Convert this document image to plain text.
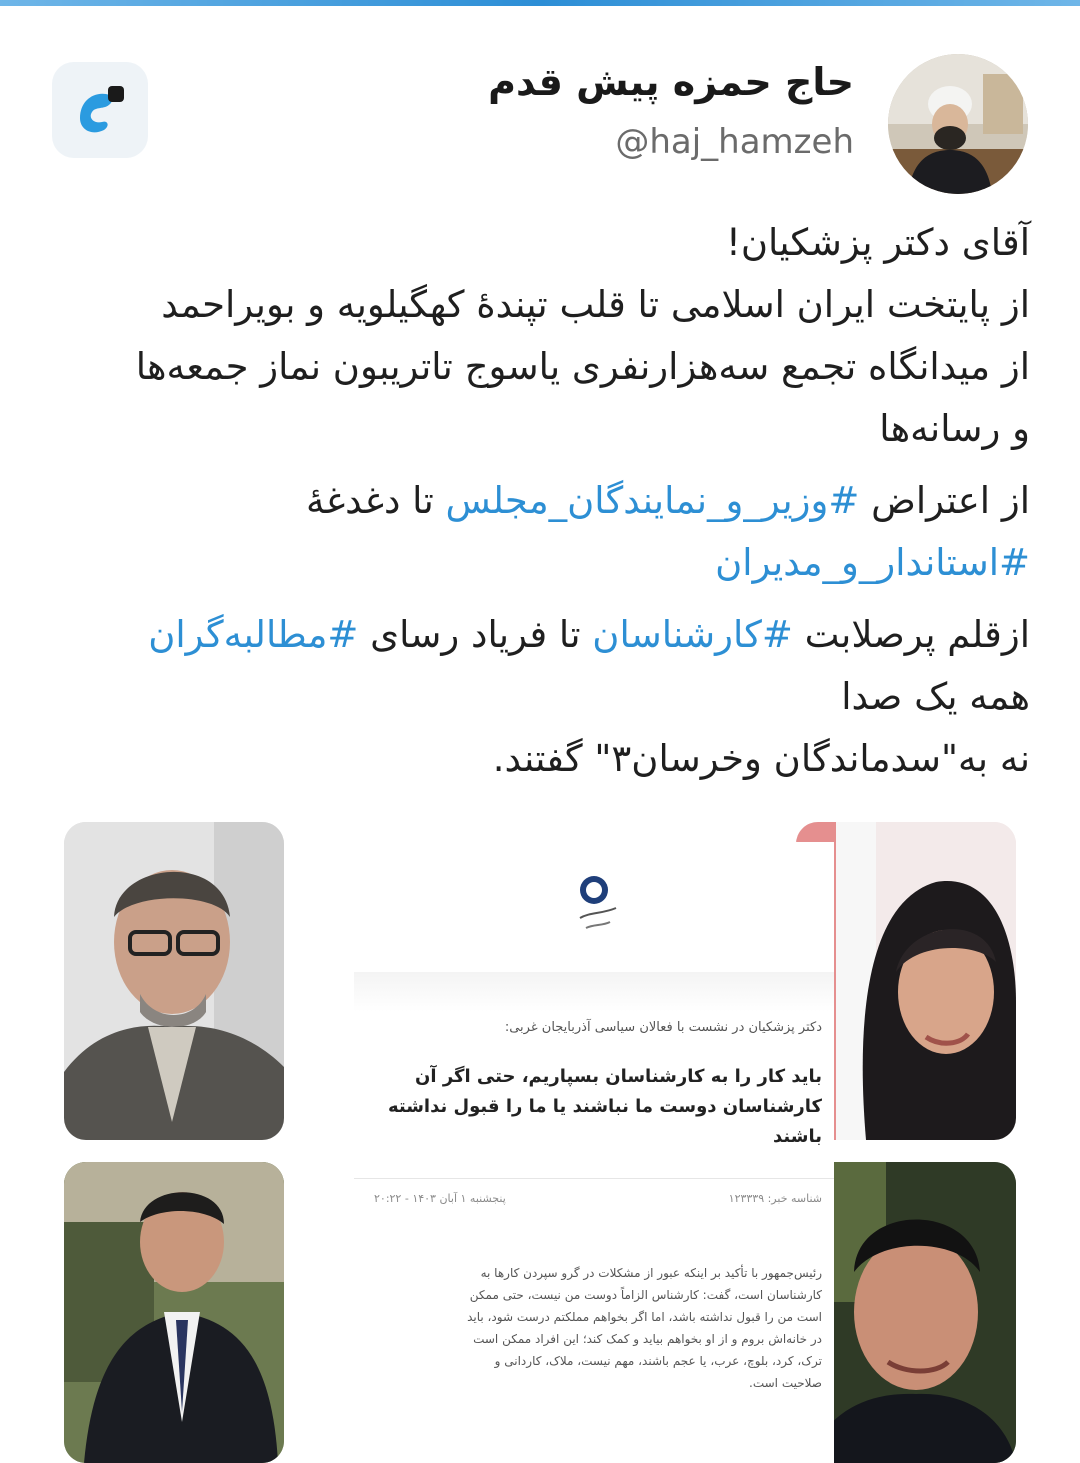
حاج حمزه پیش قدم
@haj_hamzeh
آقای دکتر پزشکیان!
از پایتخت ایران اسلامی تا قلب تپندهٔ کهگیلویه و بویراحمد
از میدانگاه تجمع سه‌هزارنفری یاسوج تاتریبون نماز جمعه‌ها
و رسانه‌ها
از اعتراض #وزیر_و_نمایندگان_مجلس تا دغدغهٔ
#استاندار_و_مدیران
ازقلم پرصلابت #کارشناسان تا فریاد رسای #مطالبه‌گران
همه یک صدا
نه به"سدماندگان وخرسان۳" گفتند.
دکتر پزشکیان در نشست با فعالان سیاسی آذربایجان غربی:
باید کار را به کارشناسان بسپاریم، حتی اگر آن
کارشناسان دوست ما نباشند یا ما را قبول نداشته
باشند
شناسه خبر: ۱۲۳۳۳۹
پنجشنبه ۱ آبان ۱۴۰۳ - ۲۰:۲۲
رئیس‌جمهور با تأکید بر اینکه عبور از مشکلات در گرو سپردن کارها به
کارشناسان است، گفت: کارشناس الزاماً دوست من نیست، حتی ممکن
است من را قبول نداشته باشد، اما اگر بخواهم مملکتم درست شود، باید
در خانه‌اش بروم و از او بخواهم بیاید و کمک کند؛ این افراد ممکن است
ترک، کرد، بلوچ، عرب، یا عجم باشند، مهم نیست، ملاک، کاردانی و
صلاحیت است.
